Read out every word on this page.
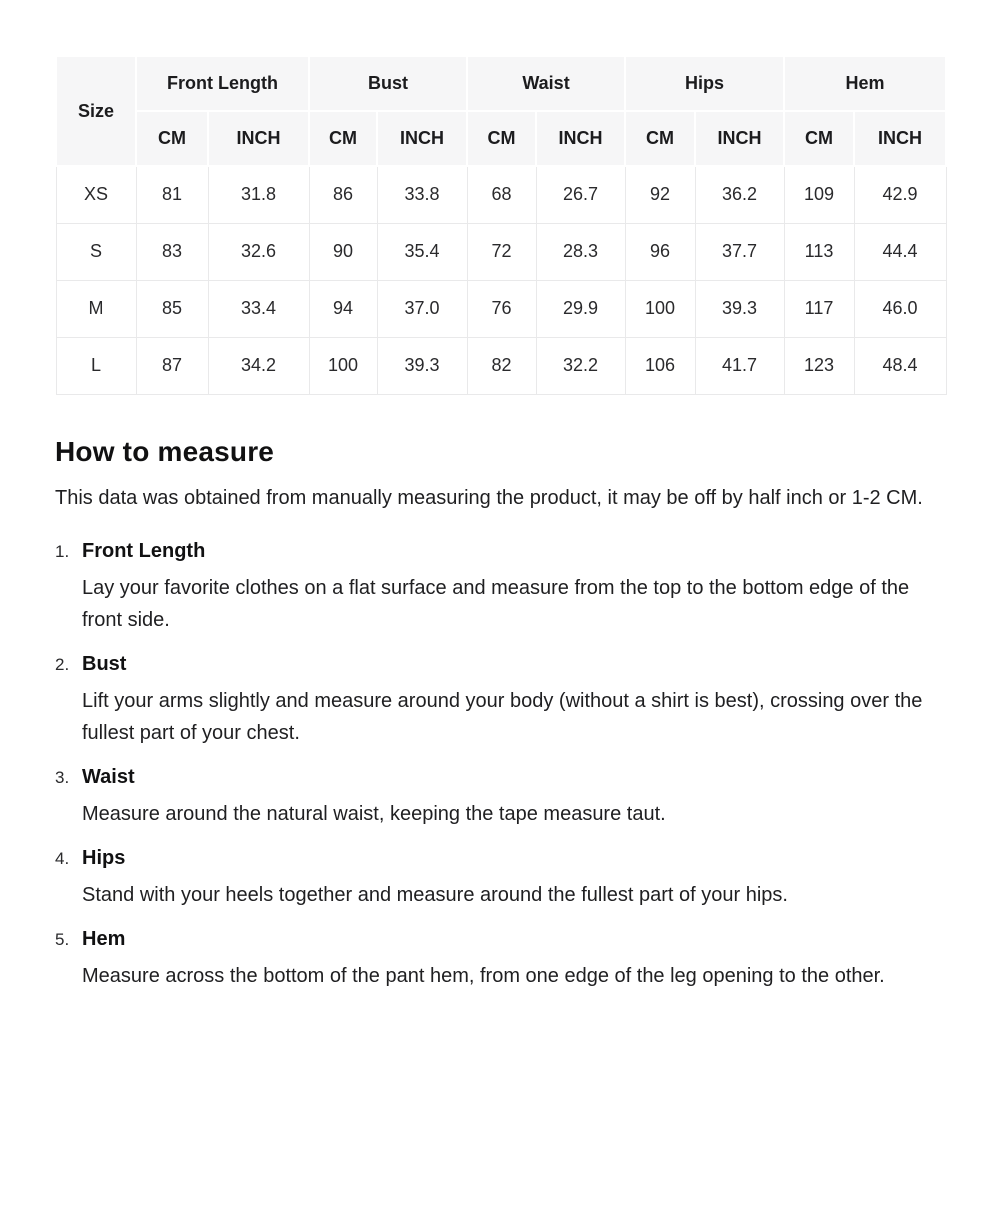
Size	Front Length		Bust		Waist		Hips		Hem	
	CM	INCH	CM	INCH	CM	INCH	CM	INCH	CM	INCH
XS	81	31.8	86	33.8	68	26.7	92	36.2	109	42.9
S	83	32.6	90	35.4	72	28.3	96	37.7	113	44.4
M	85	33.4	94	37.0	76	29.9	100	39.3	117	46.0
L	87	34.2	100	39.3	82	32.2	106	41.7	123	48.4
How to measure

This data was obtained from manually measuring the product, it may be off by half inch or 1-2 CM.

1. Front Length

Lay your favorite clothes on a flat surface and measure from the top to the bottom edge of the front side.

2. Bust

Lift your arms slightly and measure around your body (without a shirt is best), crossing over the fullest part of your chest.

3. Waist

Measure around the natural waist, keeping the tape measure taut.

4. Hips

Stand with your heels together and measure around the fullest part of your hips.

5. Hem

Measure across the bottom of the pant hem, from one edge of the leg opening to the other.
